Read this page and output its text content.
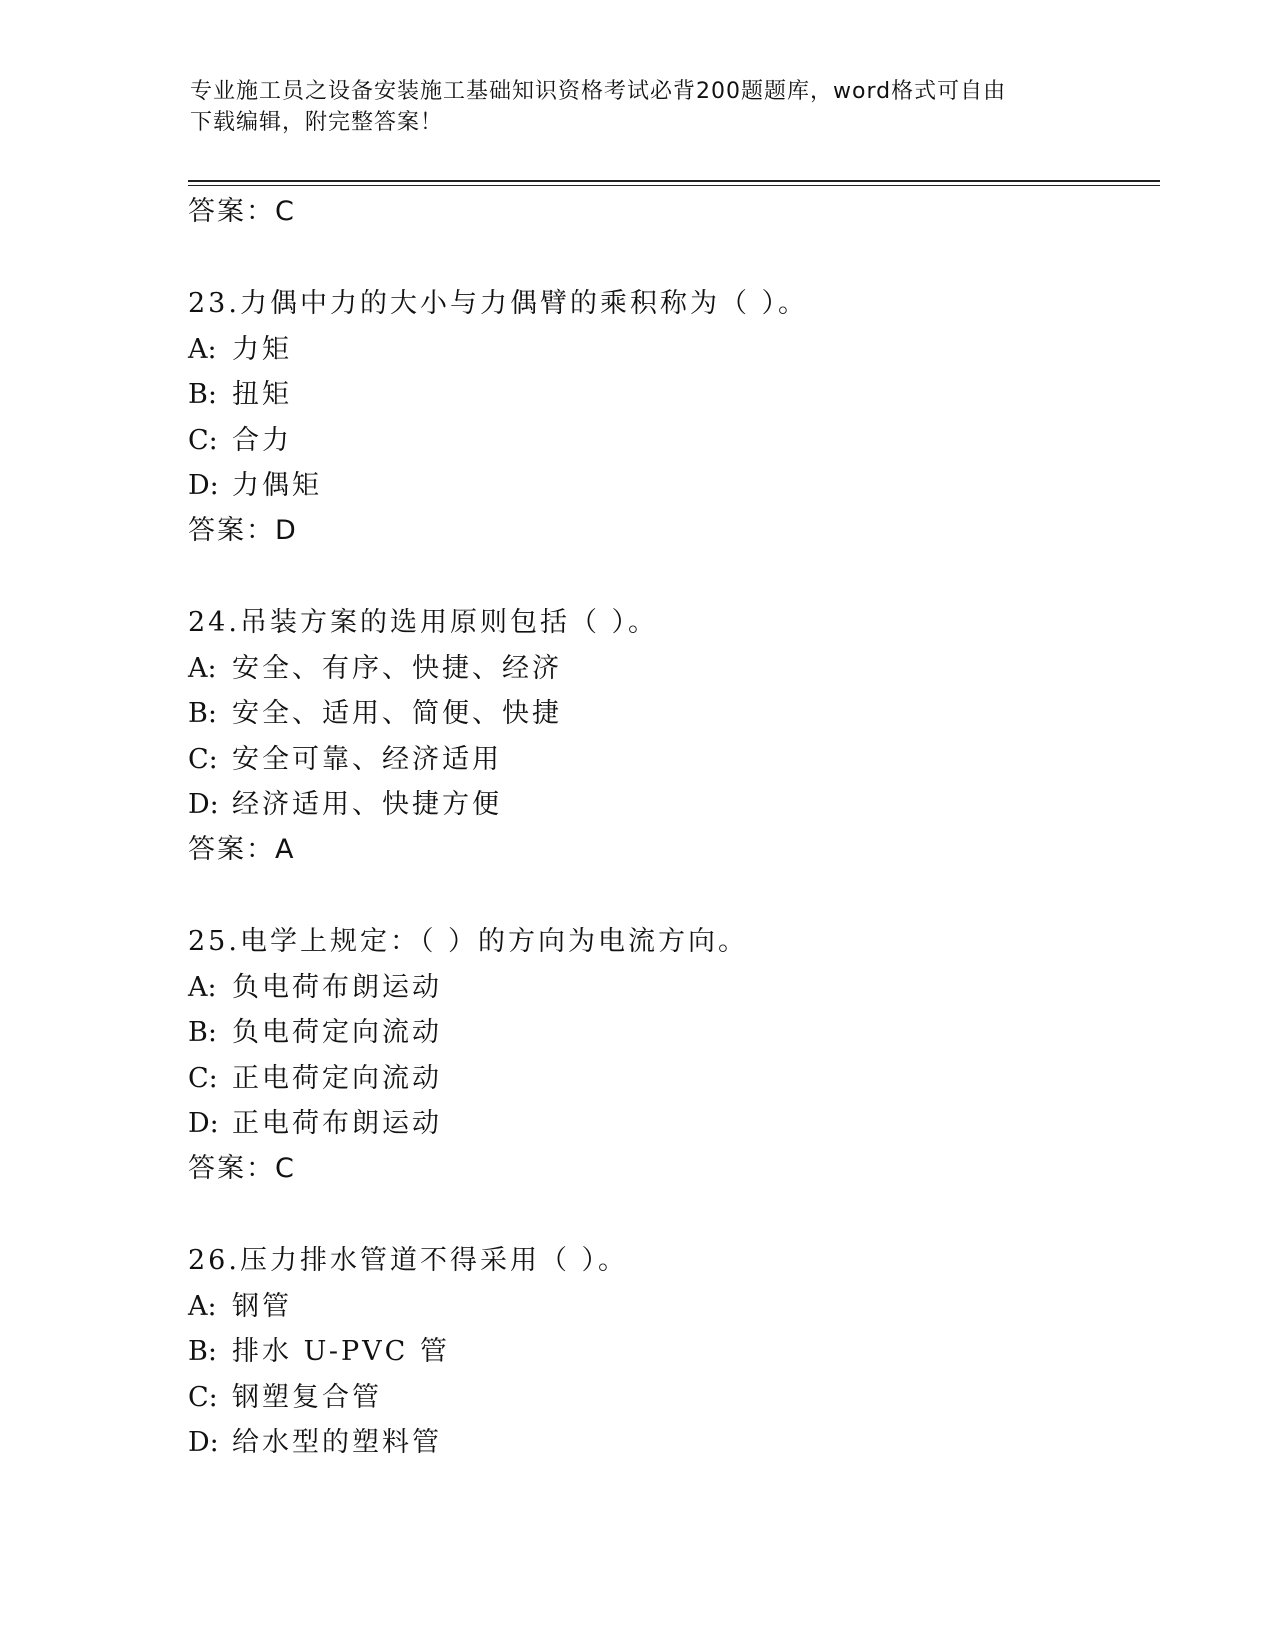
专业施工员之设备安装施工基础知识资格考试必背200题题库，word格式可自由
下载编辑，附完整答案！
答案：C
23.力偶中力的大小与力偶臂的乘积称为（ ）。
A: 力矩
B: 扭矩
C: 合力
D: 力偶矩
答案：D
24.吊装方案的选用原则包括（ ）。
A: 安全、有序、快捷、经济
B: 安全、适用、简便、快捷
C: 安全可靠、经济适用
D: 经济适用、快捷方便
答案：A
25.电学上规定：（ ）的方向为电流方向。
A: 负电荷布朗运动
B: 负电荷定向流动
C: 正电荷定向流动
D: 正电荷布朗运动
答案：C
26.压力排水管道不得采用（ ）。
A: 钢管
B: 排水 U-PVC 管
C: 钢塑复合管
D: 给水型的塑料管
